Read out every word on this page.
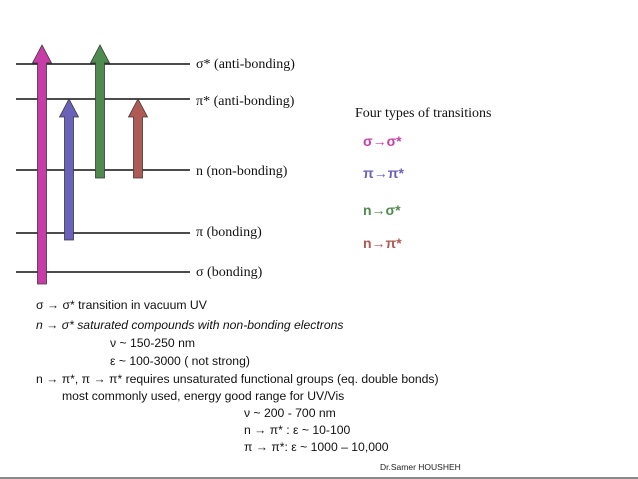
σ* (anti-bonding)
π* (anti-bonding)
n (non-bonding)
π (bonding)
σ (bonding)
Four types of transitions
σ→σ*
π→π*
n→σ*
n→π*
σ → σ* transition in vacuum UV
n → σ* saturated compounds with non-bonding electrons
ν ~ 150-250 nm
ε ~ 100-3000 ( not strong)
n → π*, π → π* requires unsaturated functional groups (eq. double bonds)
most commonly used, energy good range for UV/Vis
ν ~ 200 - 700 nm
n → π* : ε ~ 10-100
π → π*: ε ~ 1000 – 10,000
Dr.Samer HOUSHEH
